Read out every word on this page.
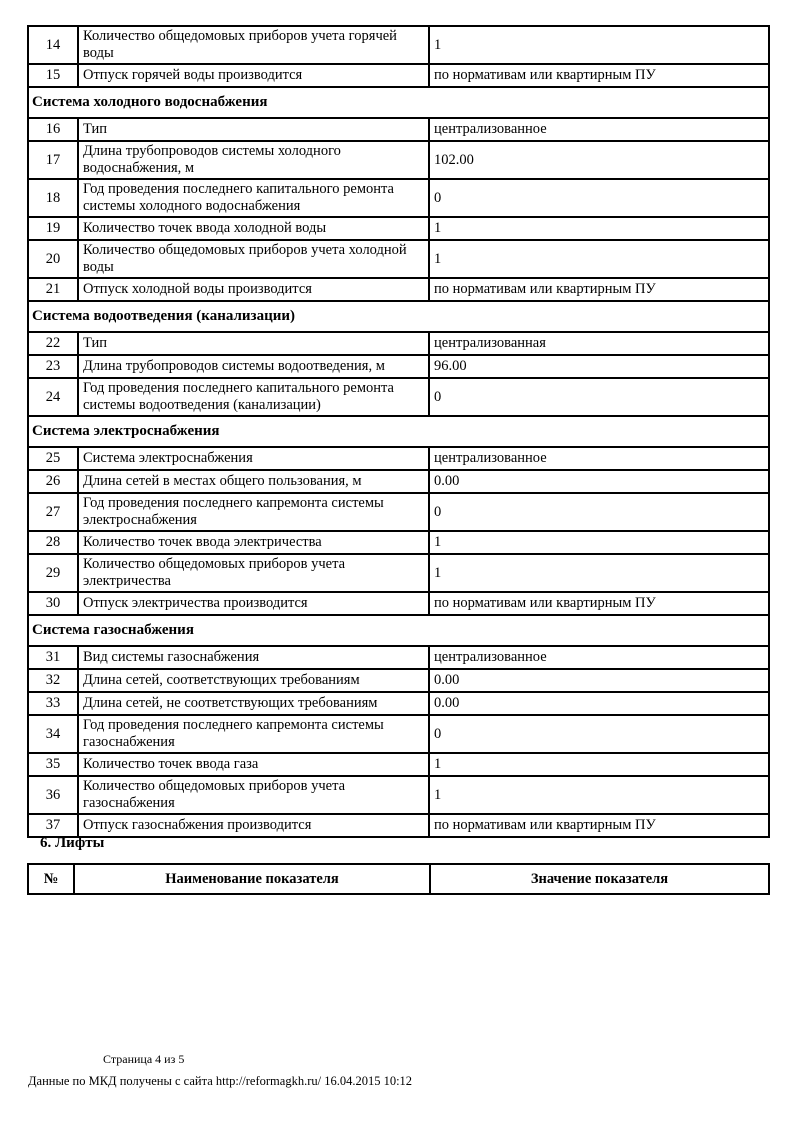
14	Количество общедомовых приборов учета горячей воды	1
15	Отпуск горячей воды производится	по нормативам или квартирным ПУ
Система холодного водоснабжения		
16	Тип	централизованное
17	Длина трубопроводов системы холодного водоснабжения, м	102.00
18	Год проведения последнего капитального ремонта системы холодного водоснабжения	0
19	Количество точек ввода холодной воды	1
20	Количество общедомовых приборов учета холодной воды	1
21	Отпуск холодной воды производится	по нормативам или квартирным ПУ
Система водоотведения (канализации)		
22	Тип	централизованная
23	Длина трубопроводов системы водоотведения, м	96.00
24	Год проведения последнего капитального ремонта системы водоотведения (канализации)	0
Система электроснабжения		
25	Система электроснабжения	централизованное
26	Длина сетей в местах общего пользования, м	0.00
27	Год проведения последнего капремонта системы электроснабжения	0
28	Количество точек ввода электричества	1
29	Количество общедомовых приборов учета электричества	1
30	Отпуск электричества производится	по нормативам или квартирным ПУ
Система газоснабжения		
31	Вид системы газоснабжения	централизованное
32	Длина сетей, соответствующих требованиям	0.00
33	Длина сетей, не соответствующих требованиям	0.00
34	Год проведения последнего капремонта системы газоснабжения	0
35	Количество точек ввода газа	1
36	Количество общедомовых приборов учета газоснабжения	1
37	Отпуск газоснабжения производится	по нормативам или квартирным ПУ
6. Лифты
№	Наименование показателя	Значение показателя
Страница 4 из 5
Данные по МКД получены с сайта http://reformagkh.ru/ 16.04.2015 10:12
